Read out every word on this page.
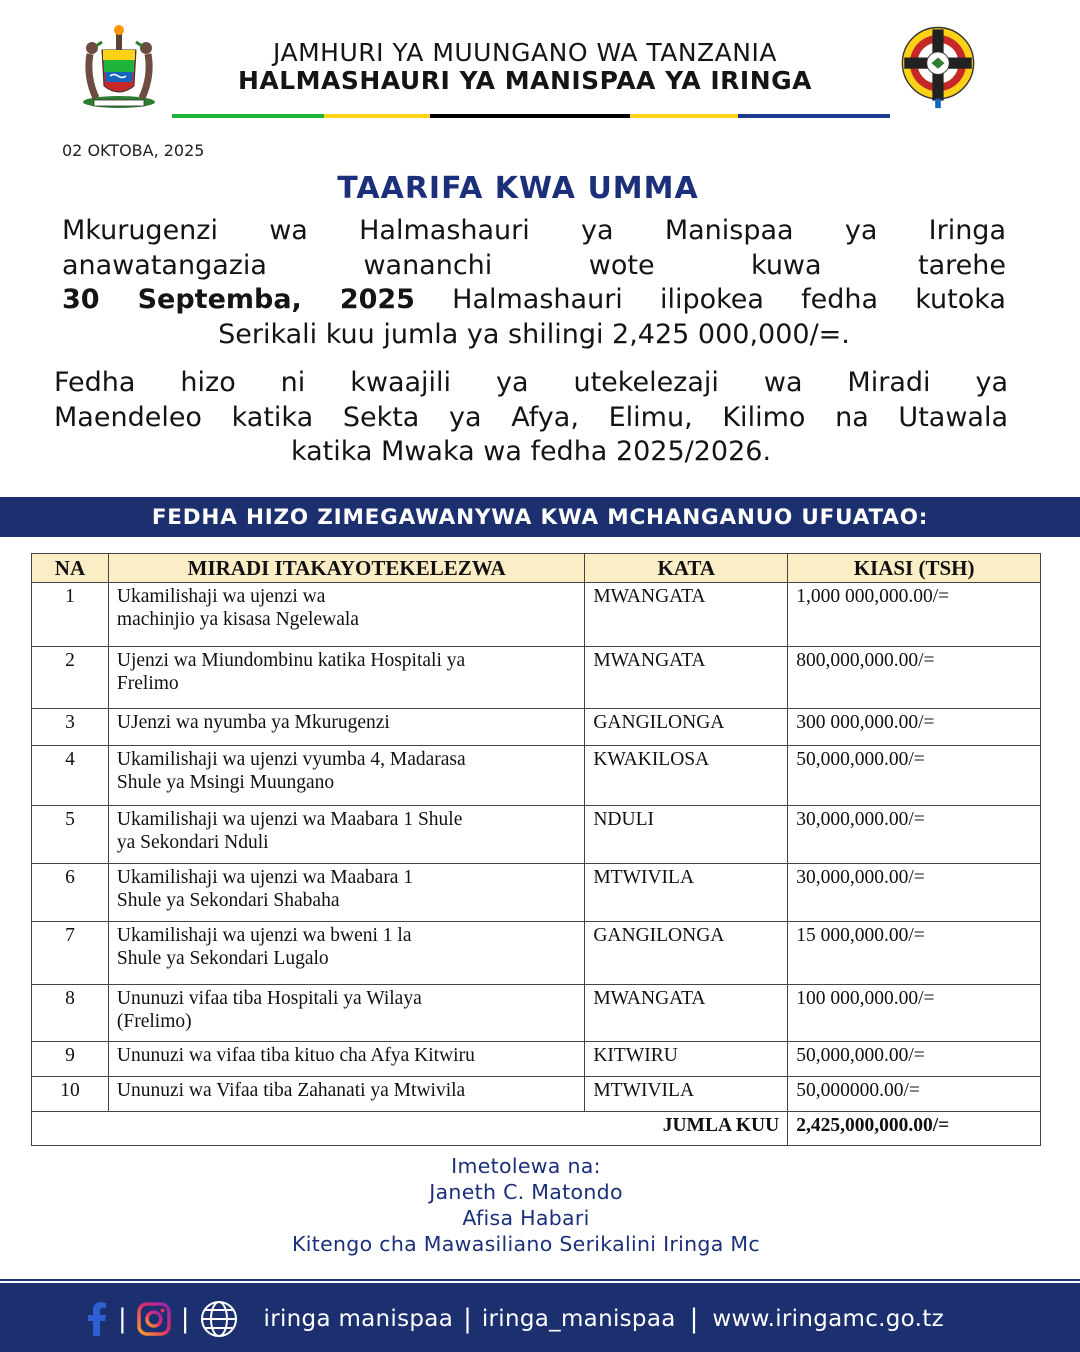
JAMHURI YA MUUNGANO WA TANZANIA
HALMASHAURI YA MANISPAA YA IRINGA
02 OKTOBA, 2025
TAARIFA KWA UMMA
Mkurugenzi wa Halmashauri ya Manispaa ya Iringa
anawatangazia wananchi wote kuwa tarehe
30 Septemba, 2025 Halmashauri ilipokea fedha kutoka
Serikali kuu jumla ya shilingi 2,425 000,000/=.
Fedha hizo ni kwaajili ya utekelezaji wa Miradi ya
Maendeleo katika Sekta ya Afya, Elimu, Kilimo na Utawala
katika Mwaka wa fedha 2025/2026.
FEDHA HIZO ZIMEGAWANYWA KWA MCHANGANUO UFUATAO:
NA	MIRADI ITAKAYOTEKELEZWA	KATA	KIASI (TSH)
1	Ukamilishaji wa ujenzi wa
machinjio ya kisasa Ngelewala	MWANGATA	1,000 000,000.00/=
2	Ujenzi wa Miundombinu katika Hospitali ya
Frelimo	MWANGATA	800,000,000.00/=
3	UJenzi wa nyumba ya Mkurugenzi	GANGILONGA	300 000,000.00/=
4	Ukamilishaji wa ujenzi vyumba 4, Madarasa
Shule ya Msingi Muungano	KWAKILOSA	50,000,000.00/=
5	Ukamilishaji wa ujenzi wa Maabara 1 Shule
ya Sekondari Nduli	NDULI	30,000,000.00/=
6	Ukamilishaji wa ujenzi wa Maabara 1
Shule ya Sekondari Shabaha	MTWIVILA	30,000,000.00/=
7	Ukamilishaji wa ujenzi wa bweni 1 la
Shule ya Sekondari Lugalo	GANGILONGA	15 000,000.00/=
8	Ununuzi vifaa tiba Hospitali ya Wilaya
(Frelimo)	MWANGATA	100 000,000.00/=
9	Ununuzi wa vifaa tiba kituo cha Afya Kitwiru	KITWIRU	50,000,000.00/=
10	Ununuzi wa Vifaa tiba Zahanati ya Mtwivila	MTWIVILA	50,000000.00/=
JUMLA KUU			2,425,000,000.00/=
Imetolewa na:
Janeth C. Matondo
Afisa Habari
Kitengo cha Mawasiliano Serikalini Iringa Mc
| |	iringa manispaa | iringa_manispaa | www.iringamc.go.tz
